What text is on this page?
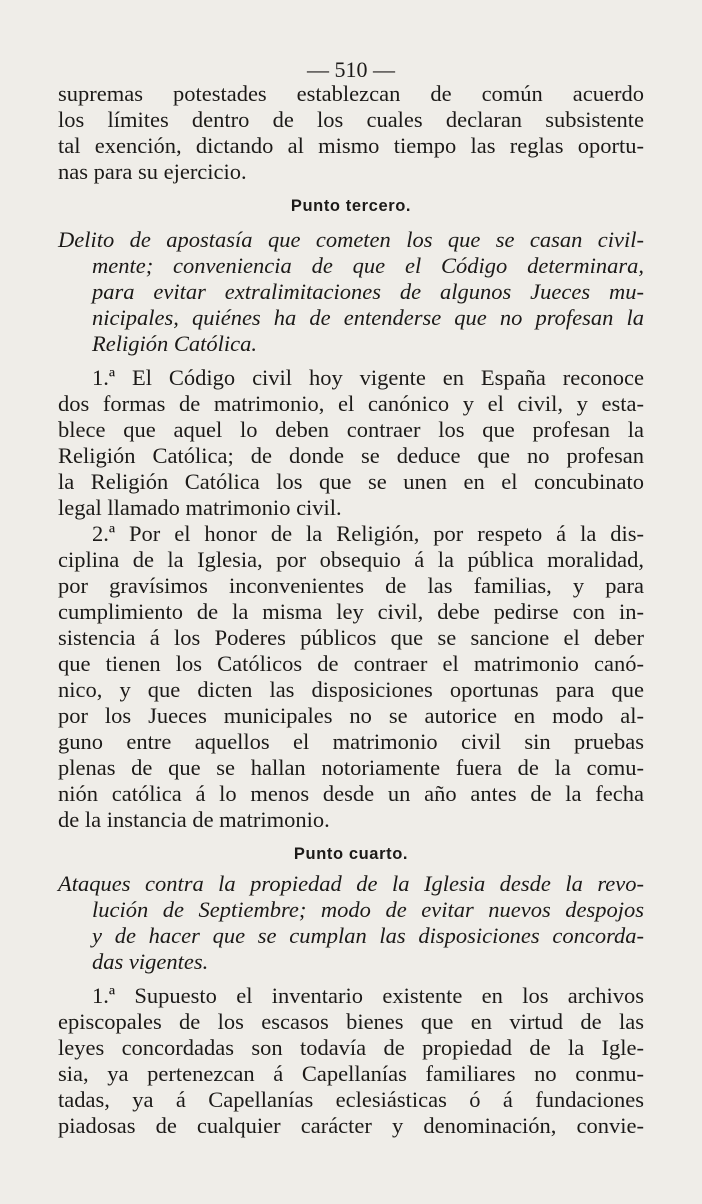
— 510 —
supremas potestades establezcan de común acuerdo
los límites dentro de los cuales declaran subsistente
tal exención, dictando al mismo tiempo las reglas oportu-
nas para su ejercicio.
Punto tercero.
Delito de apostasía que cometen los que se casan civil-
mente; conveniencia de que el Código determinara,
para evitar extralimitaciones de algunos Jueces mu-
nicipales, quiénes ha de entenderse que no profesan la
Religión Católica.
1.ª El Código civil hoy vigente en España reconoce
dos formas de matrimonio, el canónico y el civil, y esta-
blece que aquel lo deben contraer los que profesan la
Religión Católica; de donde se deduce que no profesan
la Religión Católica los que se unen en el concubinato
legal llamado matrimonio civil.
2.ª Por el honor de la Religión, por respeto á la dis-
ciplina de la Iglesia, por obsequio á la pública moralidad,
por gravísimos inconvenientes de las familias, y para
cumplimiento de la misma ley civil, debe pedirse con in-
sistencia á los Poderes públicos que se sancione el deber
que tienen los Católicos de contraer el matrimonio canó-
nico, y que dicten las disposiciones oportunas para que
por los Jueces municipales no se autorice en modo al-
guno entre aquellos el matrimonio civil sin pruebas
plenas de que se hallan notoriamente fuera de la comu-
nión católica á lo menos desde un año antes de la fecha
de la instancia de matrimonio.
Punto cuarto.
Ataques contra la propiedad de la Iglesia desde la revo-
lución de Septiembre; modo de evitar nuevos despojos
y de hacer que se cumplan las disposiciones concorda-
das vigentes.
1.ª Supuesto el inventario existente en los archivos
episcopales de los escasos bienes que en virtud de las
leyes concordadas son todavía de propiedad de la Igle-
sia, ya pertenezcan á Capellanías familiares no conmu-
tadas, ya á Capellanías eclesiásticas ó á fundaciones
piadosas de cualquier carácter y denominación, convie-
